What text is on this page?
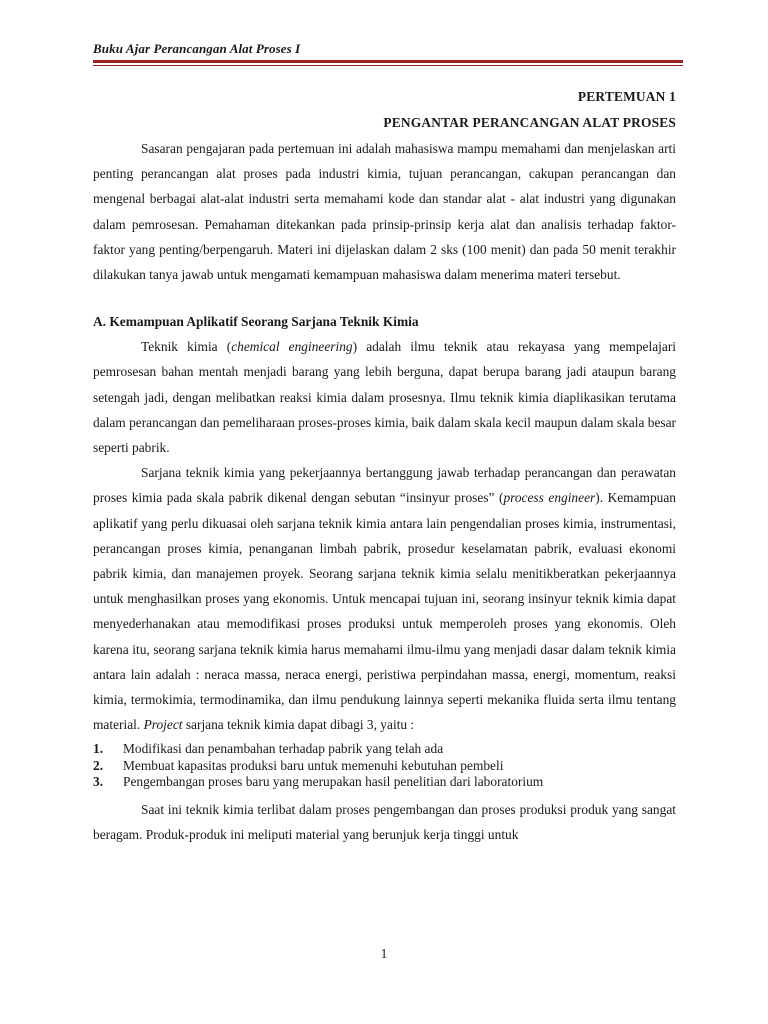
Buku Ajar Perancangan Alat Proses I
PERTEMUAN 1
PENGANTAR PERANCANGAN ALAT PROSES

Sasaran pengajaran pada pertemuan ini adalah mahasiswa mampu memahami dan menjelaskan arti penting perancangan alat proses pada industri kimia, tujuan perancangan, cakupan perancangan dan mengenal berbagai alat-alat industri serta memahami kode dan standar alat - alat industri yang digunakan dalam pemrosesan. Pemahaman ditekankan pada prinsip-prinsip kerja alat dan analisis terhadap faktor-faktor yang penting/berpengaruh. Materi ini dijelaskan dalam 2 sks (100 menit) dan pada 50 menit terakhir dilakukan tanya jawab untuk mengamati kemampuan mahasiswa dalam menerima materi tersebut.

A. Kemampuan Aplikatif Seorang Sarjana Teknik Kimia

Teknik kimia (chemical engineering) adalah ilmu teknik atau rekayasa yang mempelajari pemrosesan bahan mentah menjadi barang yang lebih berguna, dapat berupa barang jadi ataupun barang setengah jadi, dengan melibatkan reaksi kimia dalam prosesnya. Ilmu teknik kimia diaplikasikan terutama dalam perancangan dan pemeliharaan proses-proses kimia, baik dalam skala kecil maupun dalam skala besar seperti pabrik.

Sarjana teknik kimia yang pekerjaannya bertanggung jawab terhadap perancangan dan perawatan proses kimia pada skala pabrik dikenal dengan sebutan “insinyur proses” (process engineer). Kemampuan aplikatif yang perlu dikuasai oleh sarjana teknik kimia antara lain pengendalian proses kimia, instrumentasi, perancangan proses kimia, penanganan limbah pabrik, prosedur keselamatan pabrik, evaluasi ekonomi pabrik kimia, dan manajemen proyek. Seorang sarjana teknik kimia selalu menitikberatkan pekerjaannya untuk menghasilkan proses yang ekonomis. Untuk mencapai tujuan ini, seorang insinyur teknik kimia dapat menyederhanakan atau memodifikasi proses produksi untuk memperoleh proses yang ekonomis. Oleh karena itu, seorang sarjana teknik kimia harus memahami ilmu-ilmu yang menjadi dasar dalam teknik kimia antara lain adalah : neraca massa, neraca energi, peristiwa perpindahan massa, energi, momentum, reaksi kimia, termokimia, termodinamika, dan ilmu pendukung lainnya seperti mekanika fluida serta ilmu tentang material. Project sarjana teknik kimia dapat dibagi 3, yaitu :

1.	Modifikasi dan penambahan terhadap pabrik yang telah ada
2.	Membuat kapasitas produksi baru untuk memenuhi kebutuhan pembeli
3.	Pengembangan proses baru yang merupakan hasil penelitian dari laboratorium

Saat ini teknik kimia terlibat dalam proses pengembangan dan proses produksi produk yang sangat beragam. Produk-produk ini meliputi material yang berunjuk kerja tinggi untuk

1
